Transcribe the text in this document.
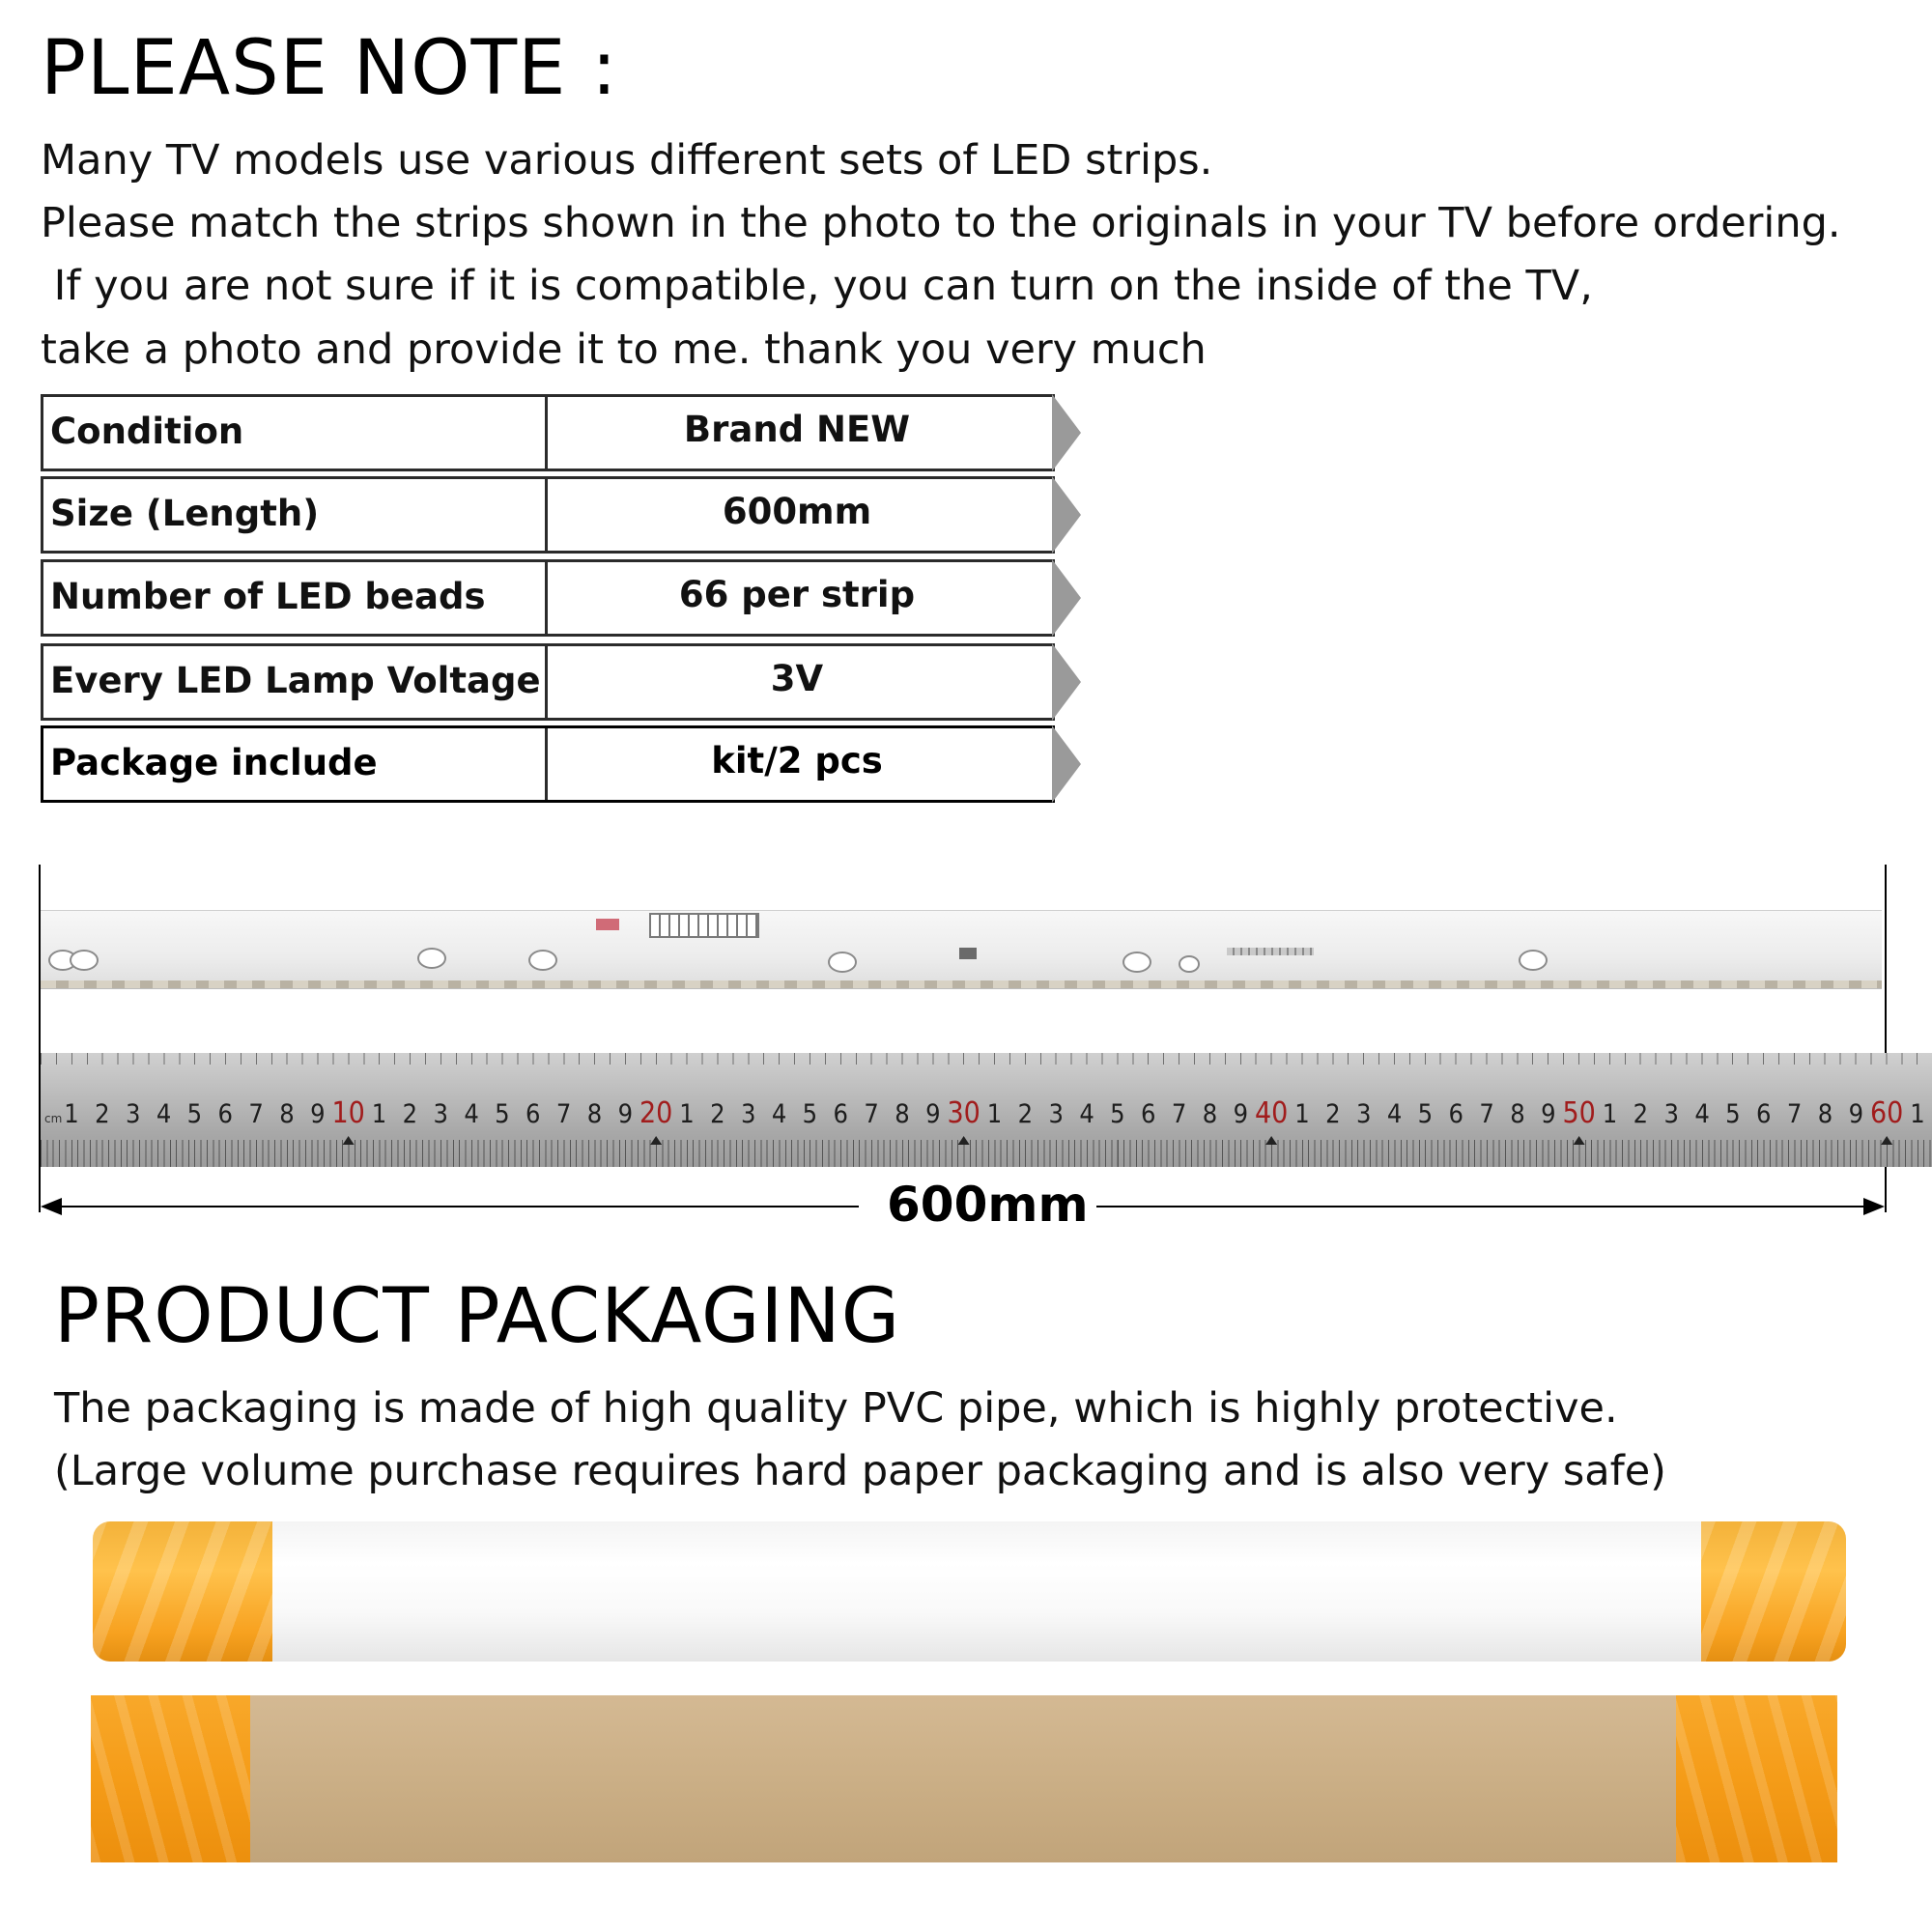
PLEASE NOTE :
Many TV models use various different sets of LED strips.
Please match the strips shown in the photo to the originals in your TV before ordering.
If you are not sure if it is compatible, you can turn on the inside of the TV,
take a photo and provide it to me. thank you very much
Condition	Brand NEW
Size (Length)	600mm
Number of LED beads	66 per strip
Every LED Lamp Voltage	3V
Package include	kit/2 pcs
cm 1 2 3 4 5 6 7 8 9 10 1 2 3 4 5 6 7 8 9 20 1 2 3 4 5 6 7 8 9 30 1 2 3 4 5 6 7 8 9 40 1 2 3 4 5 6 7 8 9 50 1 2 3 4 5 6 7 8 9 60 1
600mm
PRODUCT PACKAGING
The packaging is made of high quality PVC pipe, which is highly protective.
(Large volume purchase requires hard paper packaging and is also very safe)
